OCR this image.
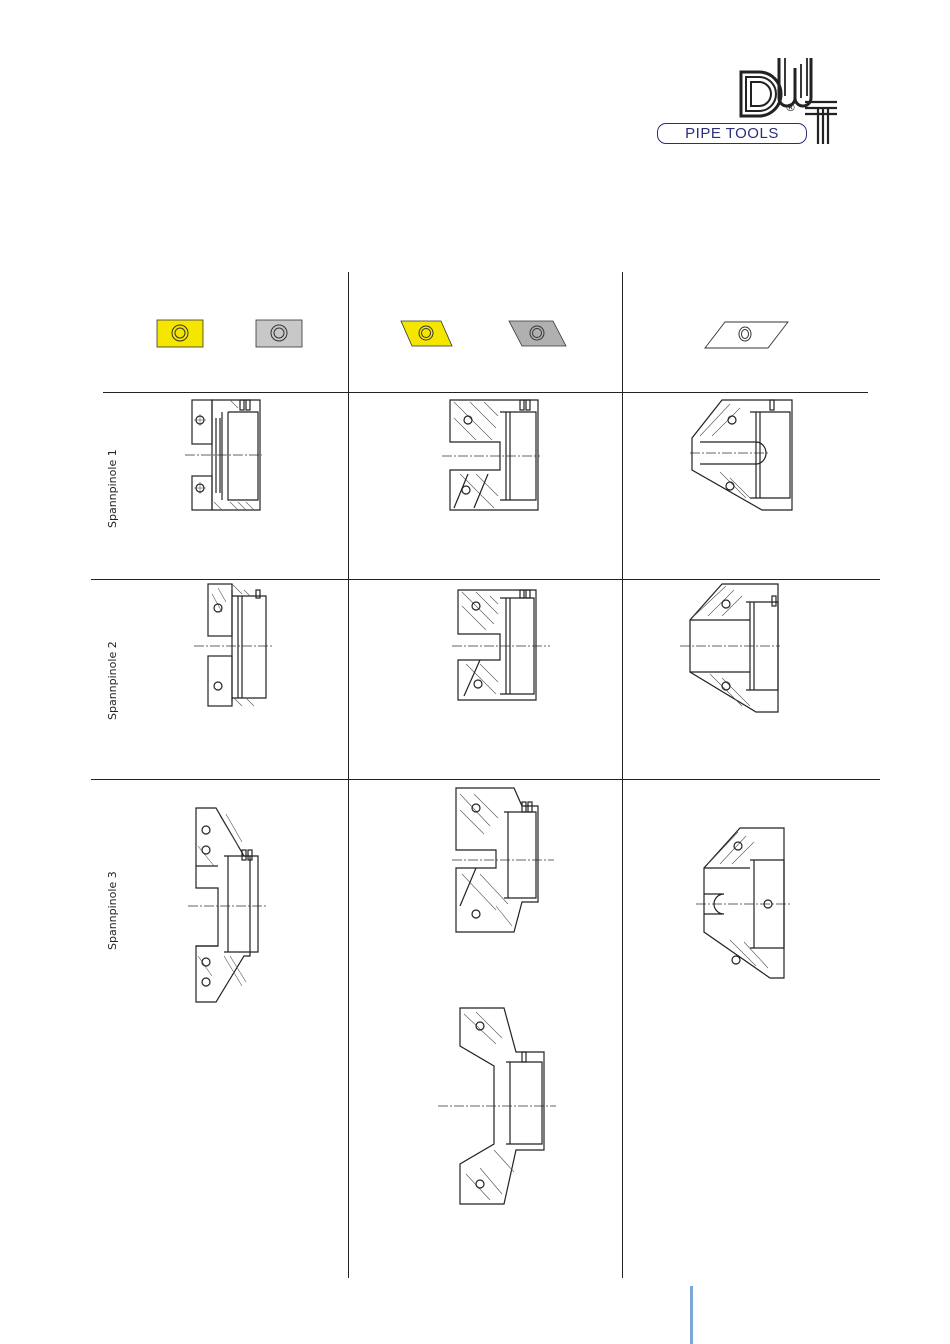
®
PIPE TOOLS
Spannpinole 1
Spannpinole 2
Spannpinole 3
